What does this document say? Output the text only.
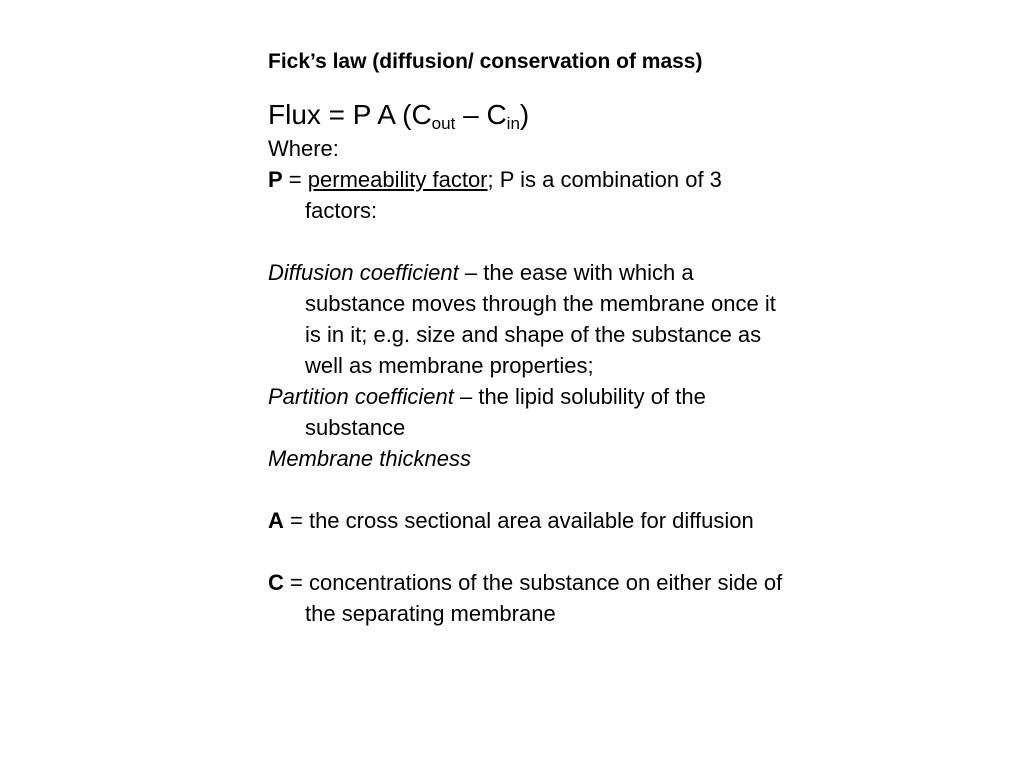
Fick’s law (diffusion/ conservation of mass)

Flux = P A $(C_{out} - C_{in})$

Where:

P = permeability factor; P is a combination of 3 factors:

Diffusion coefficient – the ease with which a substance moves through the membrane once it is in it; e.g. size and shape of the substance as well as membrane properties;

Partition coefficient – the lipid solubility of the substance

Membrane thickness

A = the cross sectional area available for diffusion

C = concentrations of the substance on either side of the separating membrane
